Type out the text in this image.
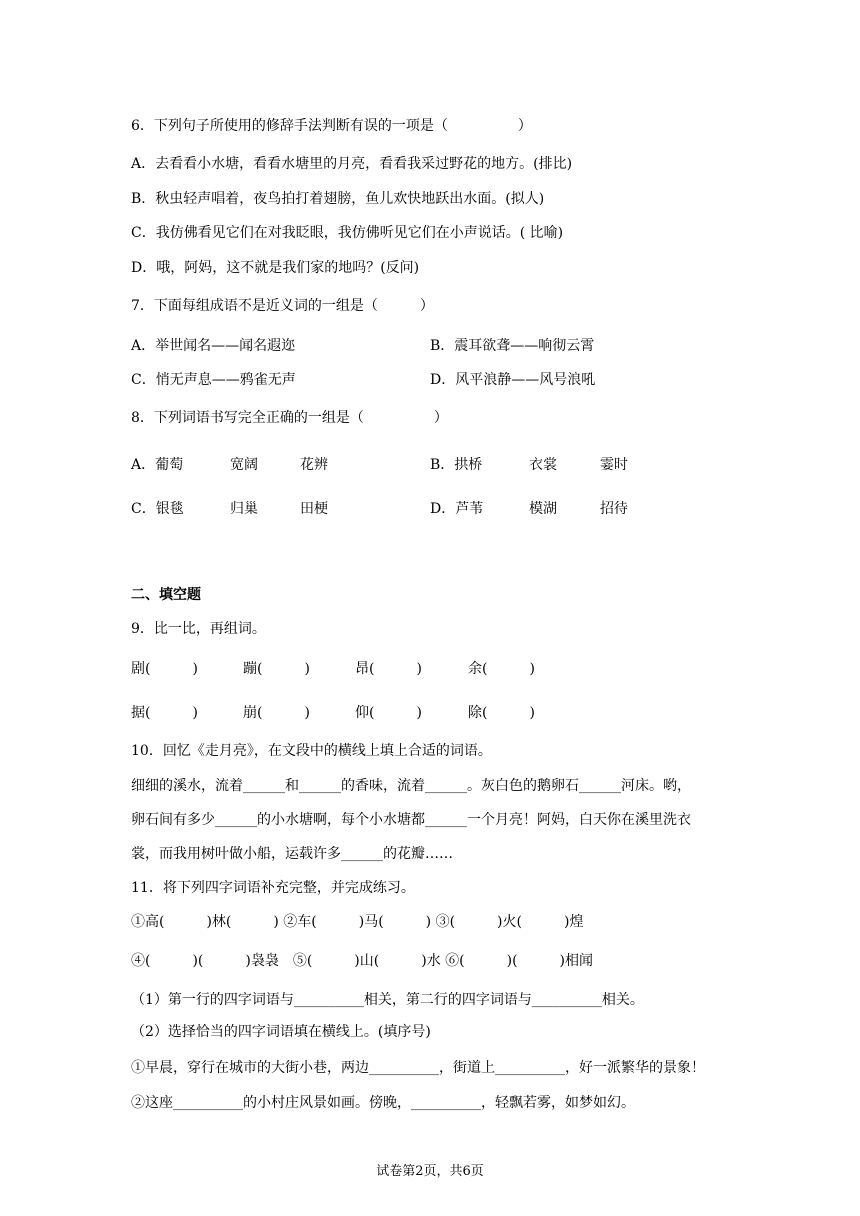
6．下列句子所使用的修辞手法判断有误的一项是（　　　　　）
A．去看看小水塘，看看水塘里的月亮，看看我采过野花的地方。(排比)
B．秋虫轻声唱着，夜鸟拍打着翅膀，鱼儿欢快地跃出水面。(拟人)
C．我仿佛看见它们在对我眨眼，我仿佛听见它们在小声说话。( 比喻)
D．哦，阿妈，这不就是我们家的地吗？(反问)
7．下面每组成语不是近义词的一组是（　　　）
A．举世闻名——闻名遐迩	B．震耳欲聋——响彻云霄
C．悄无声息——鸦雀无声	D．风平浪静——风号浪吼
8．下列词语书写完全正确的一组是（　　　　　）
A．葡萄	宽阔	花辨	B．拱桥	衣裳	霎时
C．银毯	归巢	田梗	D．芦苇	模湖	招待
二、填空题
9．比一比，再组词。
剧(　　　)	蹦(　　　)	昂(　　　)	余(　　　)
据(　　　)	崩(　　　)	仰(　　　)	除(　　　)
10．回忆《走月亮》，在文段中的横线上填上合适的词语。
细细的溪水，流着______和______的香味，流着______。灰白色的鹅卵石______河床。哟，
卵石间有多少______的小水塘啊，每个小水塘都______一个月亮！阿妈，白天你在溪里洗衣
裳，而我用树叶做小船，运载许多______的花瓣……
11．将下列四字词语补充完整，并完成练习。
①高(　　　)林(　　　) ②车(　　　)马(　　　) ③(　　　)火(　　　)煌
④(　　　)(　　　)袅袅　⑤(　　　)山(　　　)水 ⑥(　　　)(　　　)相闻
（1）第一行的四字词语与__________相关，第二行的四字词语与__________相关。
（2）选择恰当的四字词语填在横线上。(填序号)
①早晨，穿行在城市的大街小巷，两边__________，街道上__________，好一派繁华的景象！
②这座__________的小村庄风景如画。傍晚，__________，轻飘若雾，如梦如幻。
试卷第2页，共6页
